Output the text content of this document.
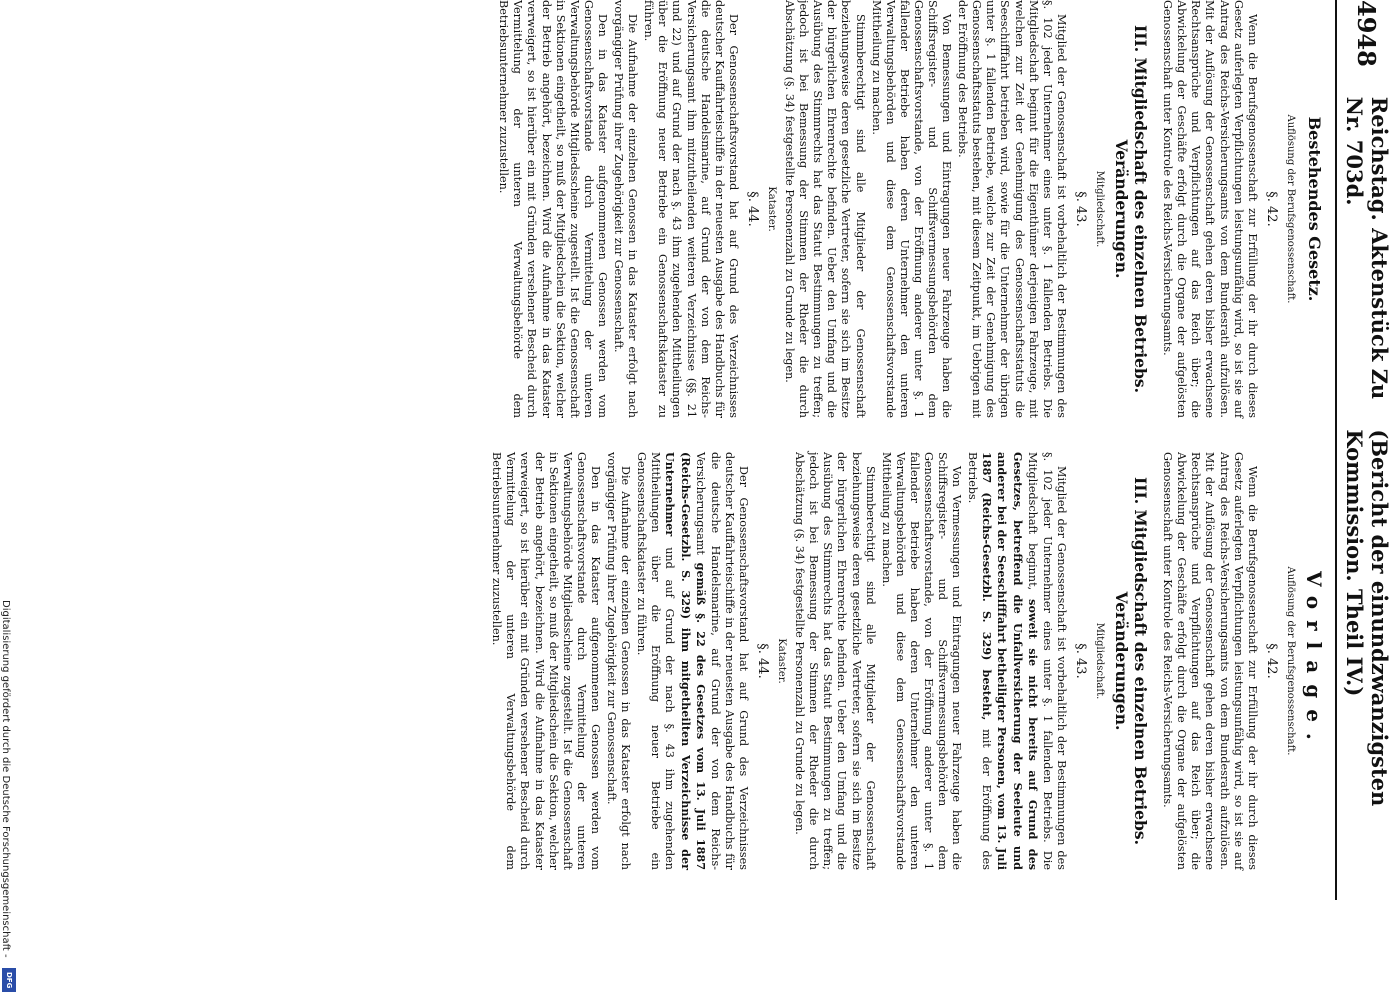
Digitalisierung gefördert durch die Deutsche Forschungsgemeinschaft -
DFG
4948
Reichstag. Aktenstück Zu Nr. 703d.
(Bericht der einundzwanzigsten Kommission. Theil IV.)
Bestehendes Gesetz.
Auflösung der Berufsgenossenschaft.
§. 42.

Wenn die Berufsgenossenschaft zur Erfüllung der ihr durch dieses Gesetz auferlegten Verpflichtungen leistungsunfähig wird, so ist sie auf Antrag des Reichs-Versicherungsamts von dem Bundesrath aufzulösen. Mit der Auflösung der Genossenschaft gehen deren bisher erwachsene Rechtsansprüche und Verpflichtungen auf das Reich über; die Abwickelung der Geschäfte erfolgt durch die Organe der aufgelösten Genossenschaft unter Kontrole des Reichs-Versicherungsamts.

III. Mitgliedschaft des einzelnen Betriebs. Veränderungen.
Mitgliedschaft.
§. 43.

Mitglied der Genossenschaft ist vorbehaltlich der Bestimmungen des §. 102 jeder Unternehmer eines unter §. 1 fallenden Betriebs. Die Mitgliedschaft beginnt für die Eigenthümer derjenigen Fahrzeuge, mit welchen zur Zeit der Genehmigung des Genossenschaftsstatuts die Seeschifffahrt betrieben wird, sowie für die Unternehmer der übrigen unter §. 1 fallenden Betriebe, welche zur Zeit der Genehmigung des Genossenschaftsstatuts bestehen, mit diesem Zeitpunkt, im Uebrigen mit der Eröffnung des Betriebs.

Von Bemessungen und Eintragungen neuer Fahrzeuge haben die Schiffsregister- und Schiffsvermessungsbehörden dem Genossenschaftsvorstande, von der Eröffnung anderer unter §. 1 fallender Betriebe haben deren Unternehmer den unteren Verwaltungsbehörden und diese dem Genossenschaftsvorstande Mittheilung zu machen.

Stimmberechtigt sind alle Mitglieder der Genossenschaft beziehungsweise deren gesetzliche Vertreter, sofern sie sich im Besitze der bürgerlichen Ehrenrechte befinden. Ueber den Umfang und die Ausübung des Stimmrechts hat das Statut Bestimmungen zu treffen; jedoch ist bei Bemessung der Stimmen der Rheder die durch Abschätzung (§. 34) festgestellte Personenzahl zu Grunde zu legen.

Kataster.
§. 44.

Der Genossenschaftsvorstand hat auf Grund des Verzeichnisses deutscher Kauffahrteischiffe in der neuesten Ausgabe des Handbuchs für die deutsche Handelsmarine, auf Grund der von dem Reichs-Versicherungsamt ihm mitzutheilenden weiteren Verzeichnisse (§§. 21 und 22) und auf Grund der nach §. 43 ihm zugehenden Mittheilungen über die Eröffnung neuer Betriebe ein Genossenschaftskataster zu führen.

Die Aufnahme der einzelnen Genossen in das Kataster erfolgt nach vorgängiger Prüfung ihrer Zugehörigkeit zur Genossenschaft.

Den in das Kataster aufgenommenen Genossen werden vom Genossenschaftsvorstande durch Vermittelung der unteren Verwaltungsbehörde Mitgliedsscheine zugestellt. Ist die Genossenschaft in Sektionen eingetheilt, so muß der Mitgliedschein die Sektion, welcher der Betrieb angehört, bezeichnen. Wird die Aufnahme in das Kataster verweigert, so ist hierüber ein mit Gründen versehener Bescheid durch Vermittelung der unteren Verwaltungsbehörde dem Betriebsunternehmer zuzustellen.

Vorlage.
Auflösung der Berufsgenossenschaft.
§. 42.

Wenn die Berufsgenossenschaft zur Erfüllung der ihr durch dieses Gesetz auferlegten Verpflichtungen leistungsunfähig wird, so ist sie auf Antrag des Reichs-Versicherungsamts von dem Bundesrath aufzulösen. Mit der Auflösung der Genossenschaft gehen deren bisher erwachsene Rechtsansprüche und Verpflichtungen auf das Reich über; die Abwickelung der Geschäfte erfolgt durch die Organe der aufgelösten Genossenschaft unter Kontrole des Reichs-Versicherungsamts.

III. Mitgliedschaft des einzelnen Betriebs. Veränderungen.
Mitgliedschaft.
§. 43.

Mitglied der Genossenschaft ist vorbehaltlich der Bestimmungen des §. 102 jeder Unternehmer eines unter §. 1 fallenden Betriebs. Die Mitgliedschaft beginnt, soweit sie nicht bereits auf Grund des Gesetzes, betreffend die Unfallversicherung der Seeleute und anderer bei der Seeschifffahrt betheiligter Personen, vom 13. Juli 1887 (Reichs-Gesetzbl. S. 329) besteht, mit der Eröffnung des Betriebs.

Von Vermessungen und Eintragungen neuer Fahrzeuge haben die Schiffsregister- und Schiffsvermessungsbehörden dem Genossenschaftsvorstande, von der Eröffnung anderer unter §. 1 fallender Betriebe haben deren Unternehmer den unteren Verwaltungsbehörden und diese dem Genossenschaftsvorstande Mittheilung zu machen.

Stimmberechtigt sind alle Mitglieder der Genossenschaft beziehungsweise deren gesetzliche Vertreter, sofern sie sich im Besitze der bürgerlichen Ehrenrechte befinden. Ueber den Umfang und die Ausübung des Stimmrechts hat das Statut Bestimmungen zu treffen; jedoch ist bei Bemessung der Stimmen der Rheder die durch Abschätzung (§. 34) festgestellte Personenzahl zu Grunde zu legen.

Kataster.
§. 44.

Der Genossenschaftsvorstand hat auf Grund des Verzeichnisses deutscher Kauffahrteischiffe in der neuesten Ausgabe des Handbuchs für die deutsche Handelsmarine, auf Grund der von dem Reichs-Versicherungsamt gemäß §. 22 des Gesetzes vom 13. Juli 1887 (Reichs-Gesetzbl. S. 329) ihm mitgetheilten Verzeichnisse der Unternehmer und auf Grund der nach §. 43 ihm zugehenden Mittheilungen über die Eröffnung neuer Betriebe ein Genossenschaftskataster zu führen.

Die Aufnahme der einzelnen Genossen in das Kataster erfolgt nach vorgängiger Prüfung ihrer Zugehörigkeit zur Genossenschaft.

Den in das Kataster aufgenommenen Genossen werden vom Genossenschaftsvorstande durch Vermittelung der unteren Verwaltungsbehörde Mitgliedsscheine zugestellt. Ist die Genossenschaft in Sektionen eingetheilt, so muß der Mitgliedschein die Sektion, welcher der Betrieb angehört, bezeichnen. Wird die Aufnahme in das Kataster verweigert, so ist hierüber ein mit Gründen versehener Bescheid durch Vermittelung der unteren Verwaltungsbehörde dem Betriebsunternehmer zuzustellen.
